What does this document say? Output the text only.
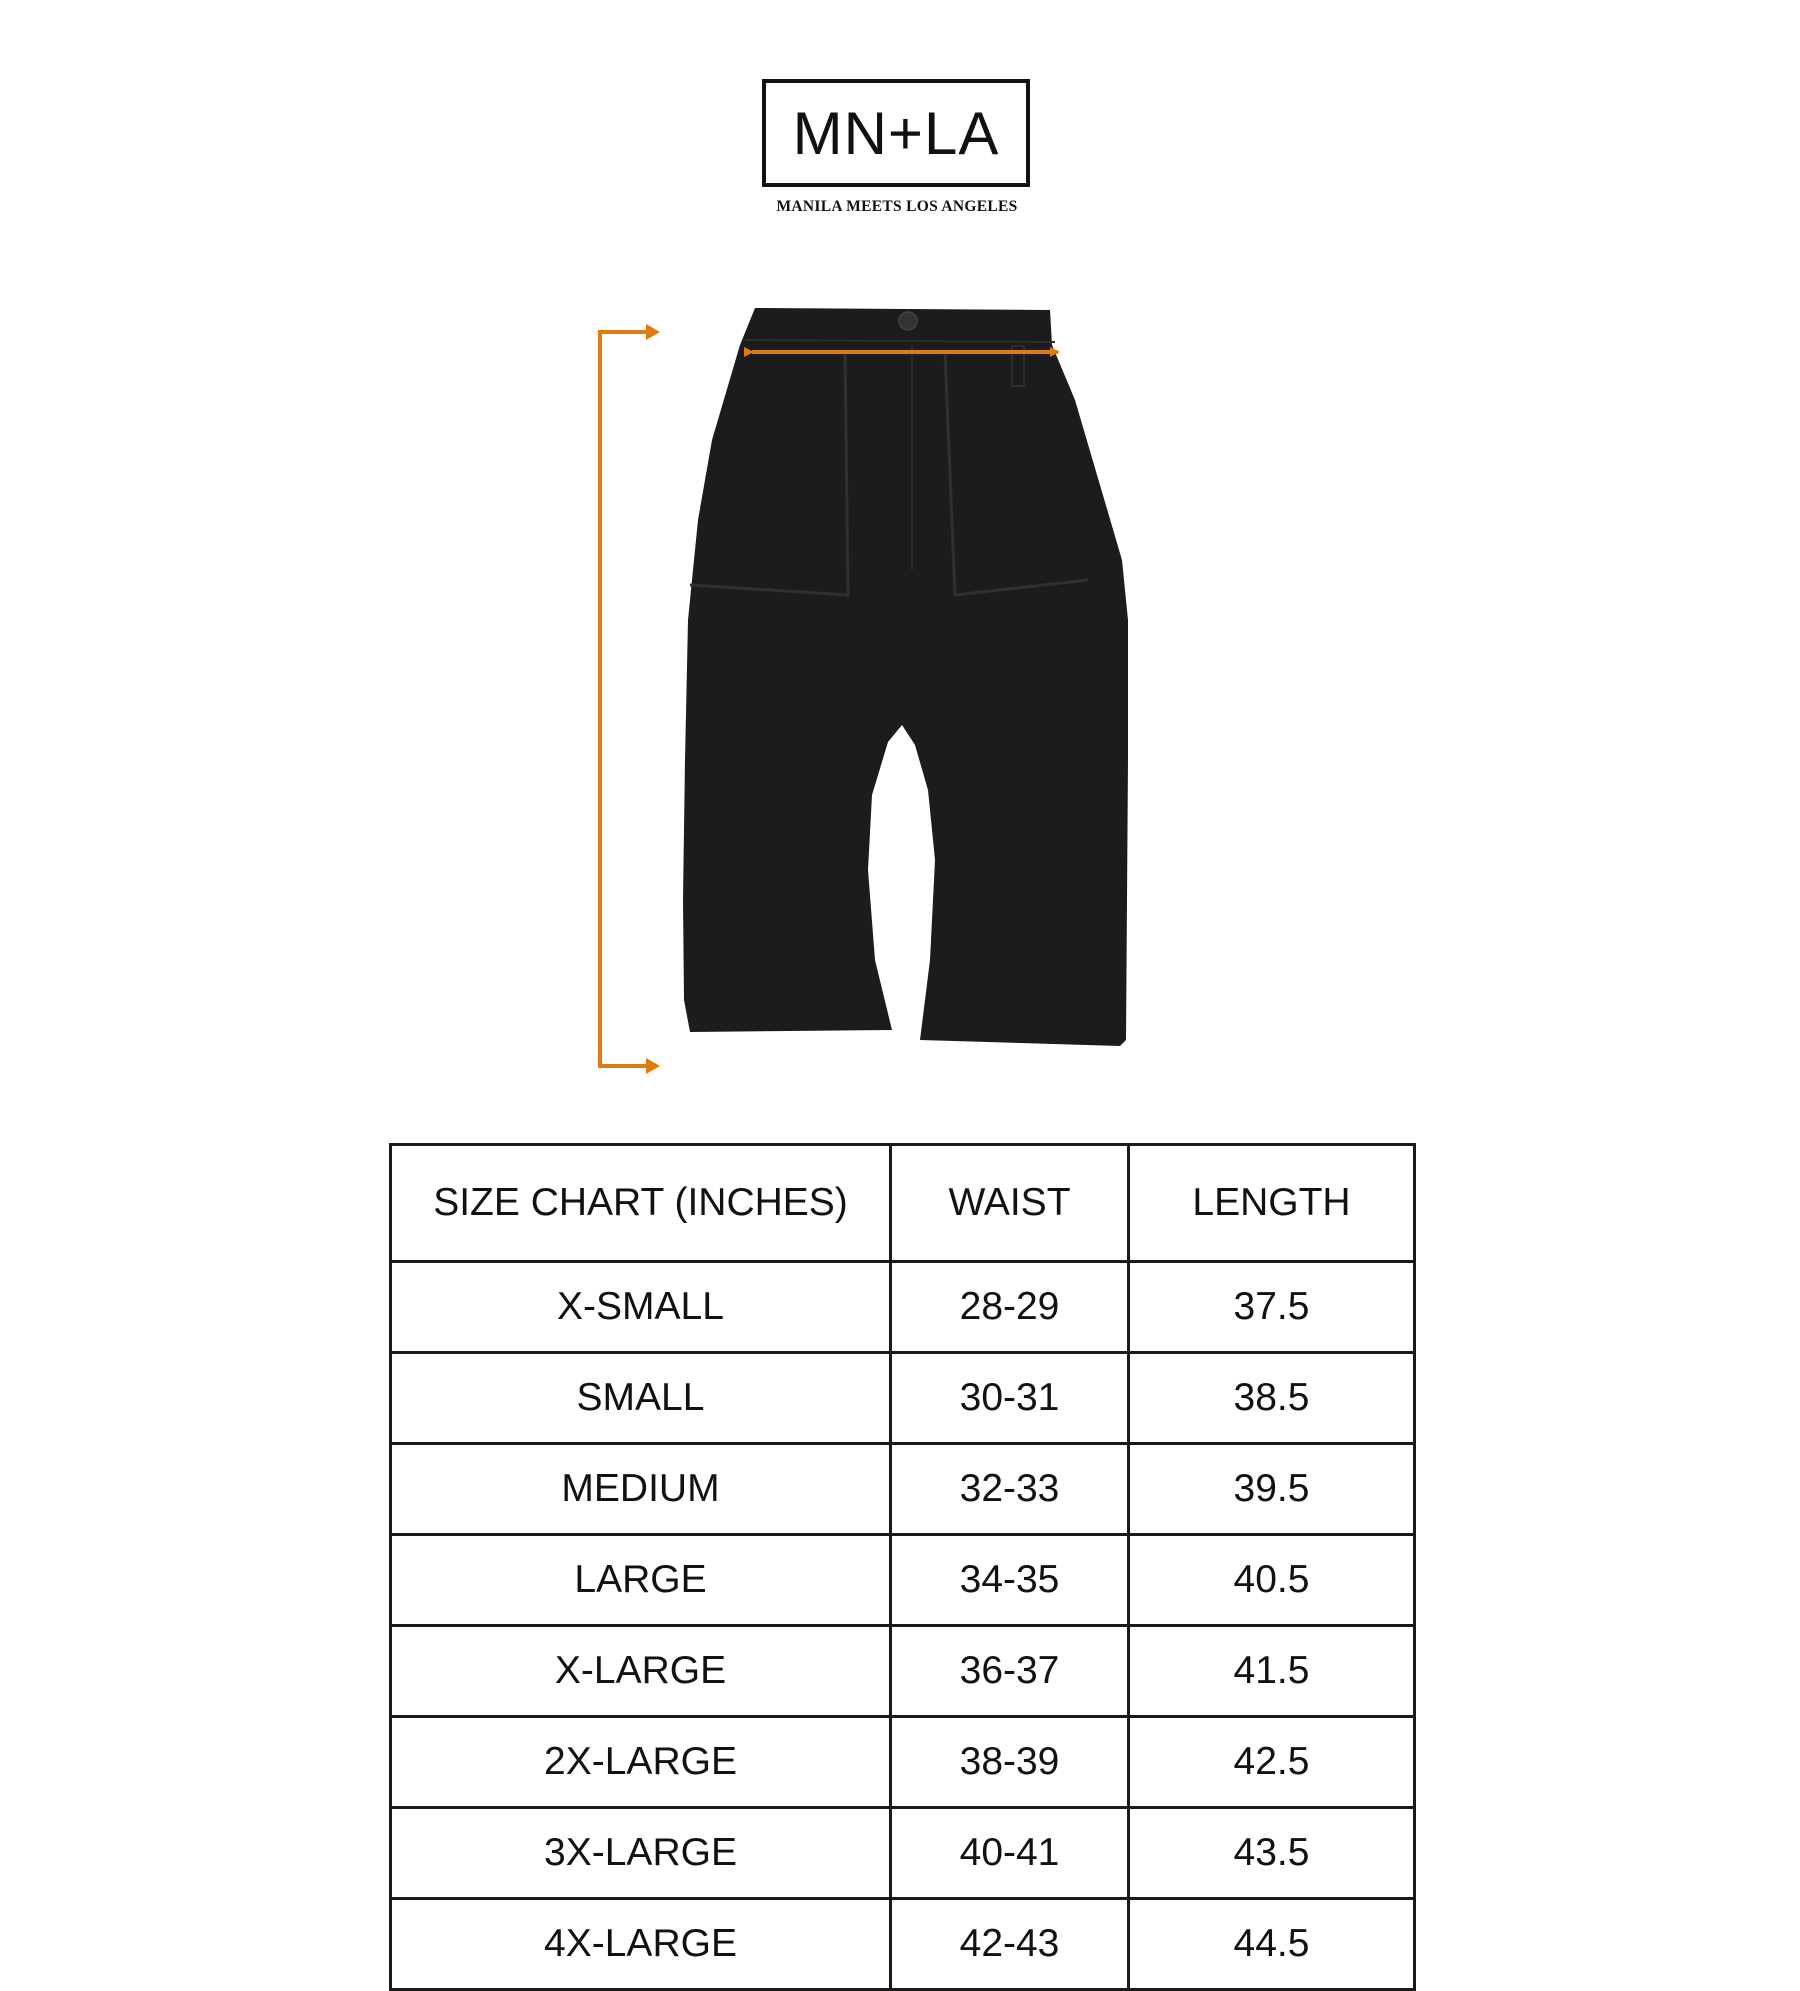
MN+LA
MANILA MEETS LOS ANGELES
SIZE CHART (INCHES)	WAIST	LENGTH
X-SMALL	28-29	37.5
SMALL	30-31	38.5
MEDIUM	32-33	39.5
LARGE	34-35	40.5
X-LARGE	36-37	41.5
2X-LARGE	38-39	42.5
3X-LARGE	40-41	43.5
4X-LARGE	42-43	44.5
